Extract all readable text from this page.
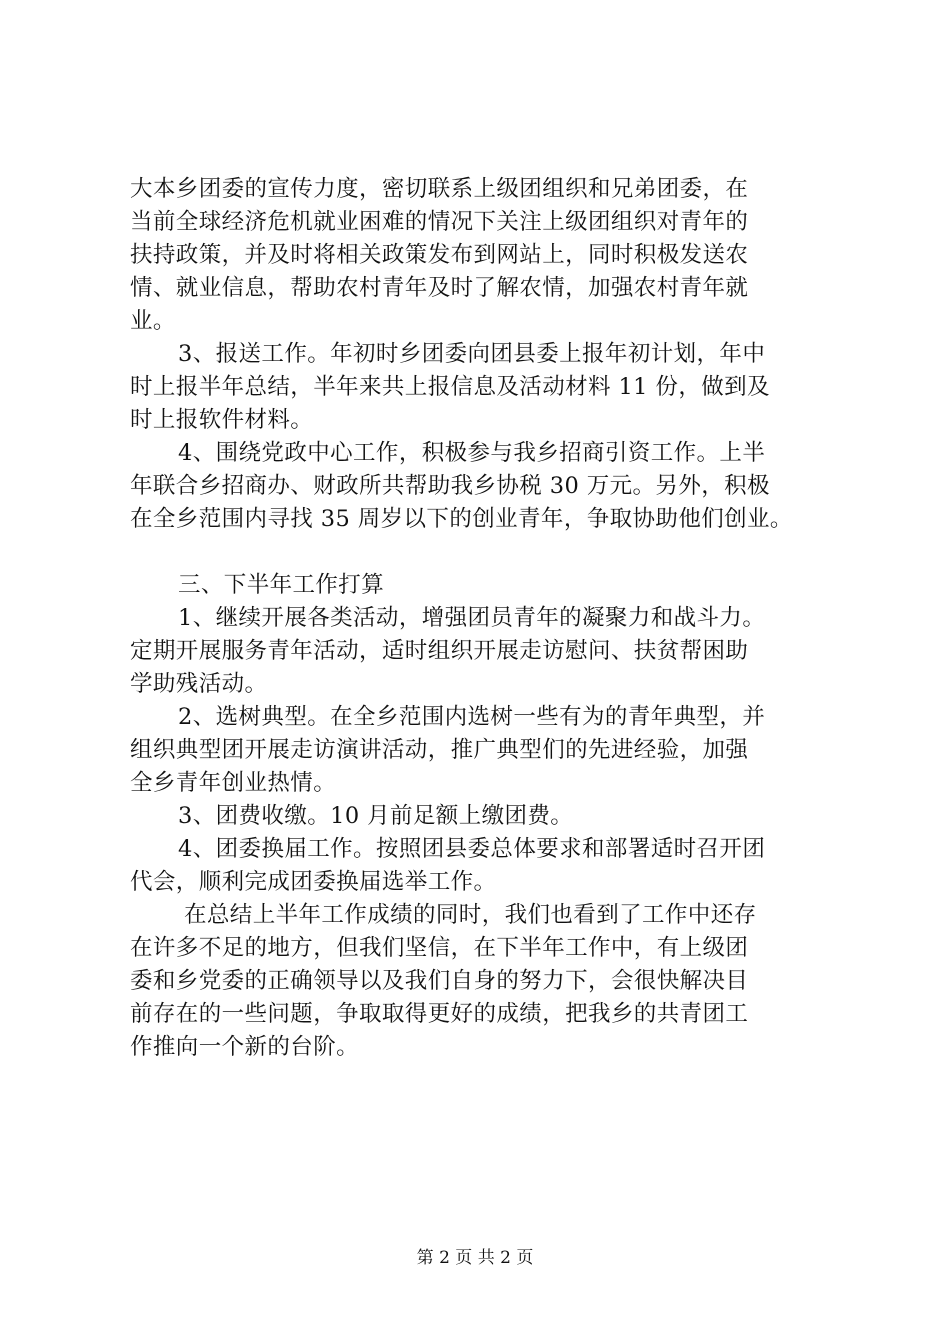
大本乡团委的宣传力度，密切联系上级团组织和兄弟团委，在
当前全球经济危机就业困难的情况下关注上级团组织对青年的
扶持政策，并及时将相关政策发布到网站上，同时积极发送农
情、就业信息，帮助农村青年及时了解农情，加强农村青年就
业。
3、报送工作。年初时乡团委向团县委上报年初计划，年中
时上报半年总结，半年来共上报信息及活动材料 11 份，做到及
时上报软件材料。
4、围绕党政中心工作，积极参与我乡招商引资工作。上半
年联合乡招商办、财政所共帮助我乡协税 30 万元。另外，积极
在全乡范围内寻找 35 周岁以下的创业青年，争取协助他们创业。
三、下半年工作打算
1、继续开展各类活动，增强团员青年的凝聚力和战斗力。
定期开展服务青年活动，适时组织开展走访慰问、扶贫帮困助
学助残活动。
2、选树典型。在全乡范围内选树一些有为的青年典型，并
组织典型团开展走访演讲活动，推广典型们的先进经验，加强
全乡青年创业热情。
3、团费收缴。10 月前足额上缴团费。
4、团委换届工作。按照团县委总体要求和部署适时召开团
代会，顺利完成团委换届选举工作。
在总结上半年工作成绩的同时，我们也看到了工作中还存
在许多不足的地方，但我们坚信，在下半年工作中，有上级团
委和乡党委的正确领导以及我们自身的努力下，会很快解决目
前存在的一些问题，争取取得更好的成绩，把我乡的共青团工
作推向一个新的台阶。
第 2 页 共 2 页
